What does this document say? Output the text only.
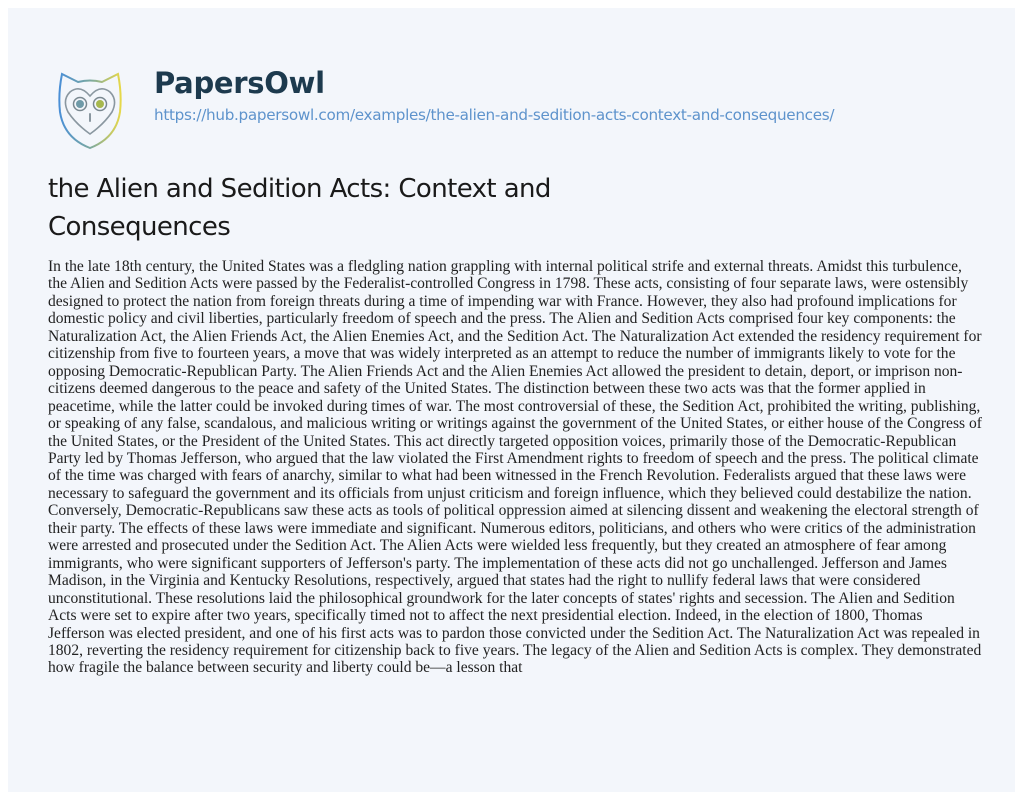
PapersOwl
https://hub.papersowl.com/examples/the-alien-and-sedition-acts-context-and-consequences/
the Alien and Sedition Acts: Context and Consequences

In the late 18th century, the United States was a fledgling nation grappling with internal political strife and external threats. Amidst this turbulence, the Alien and Sedition Acts were passed by the Federalist-controlled Congress in 1798. These acts, consisting of four separate laws, were ostensibly designed to protect the nation from foreign threats during a time of impending war with France. However, they also had profound implications for domestic policy and civil liberties, particularly freedom of speech and the press. The Alien and Sedition Acts comprised four key components: the Naturalization Act, the Alien Friends Act, the Alien Enemies Act, and the Sedition Act. The Naturalization Act extended the residency requirement for citizenship from five to fourteen years, a move that was widely interpreted as an attempt to reduce the number of immigrants likely to vote for the opposing Democratic-Republican Party. The Alien Friends Act and the Alien Enemies Act allowed the president to detain, deport, or imprison non-citizens deemed dangerous to the peace and safety of the United States. The distinction between these two acts was that the former applied in peacetime, while the latter could be invoked during times of war. The most controversial of these, the Sedition Act, prohibited the writing, publishing, or speaking of any false, scandalous, and malicious writing or writings against the government of the United States, or either house of the Congress of the United States, or the President of the United States. This act directly targeted opposition voices, primarily those of the Democratic-Republican Party led by Thomas Jefferson, who argued that the law violated the First Amendment rights to freedom of speech and the press. The political climate of the time was charged with fears of anarchy, similar to what had been witnessed in the French Revolution. Federalists argued that these laws were necessary to safeguard the government and its officials from unjust criticism and foreign influence, which they believed could destabilize the nation. Conversely, Democratic-Republicans saw these acts as tools of political oppression aimed at silencing dissent and weakening the electoral strength of their party. The effects of these laws were immediate and significant. Numerous editors, politicians, and others who were critics of the administration were arrested and prosecuted under the Sedition Act. The Alien Acts were wielded less frequently, but they created an atmosphere of fear among immigrants, who were significant supporters of Jefferson's party. The implementation of these acts did not go unchallenged. Jefferson and James Madison, in the Virginia and Kentucky Resolutions, respectively, argued that states had the right to nullify federal laws that were considered unconstitutional. These resolutions laid the philosophical groundwork for the later concepts of states' rights and secession. The Alien and Sedition Acts were set to expire after two years, specifically timed not to affect the next presidential election. Indeed, in the election of 1800, Thomas Jefferson was elected president, and one of his first acts was to pardon those convicted under the Sedition Act. The Naturalization Act was repealed in 1802, reverting the residency requirement for citizenship back to five years. The legacy of the Alien and Sedition Acts is complex. They demonstrated how fragile the balance between security and liberty could be—a lesson that
